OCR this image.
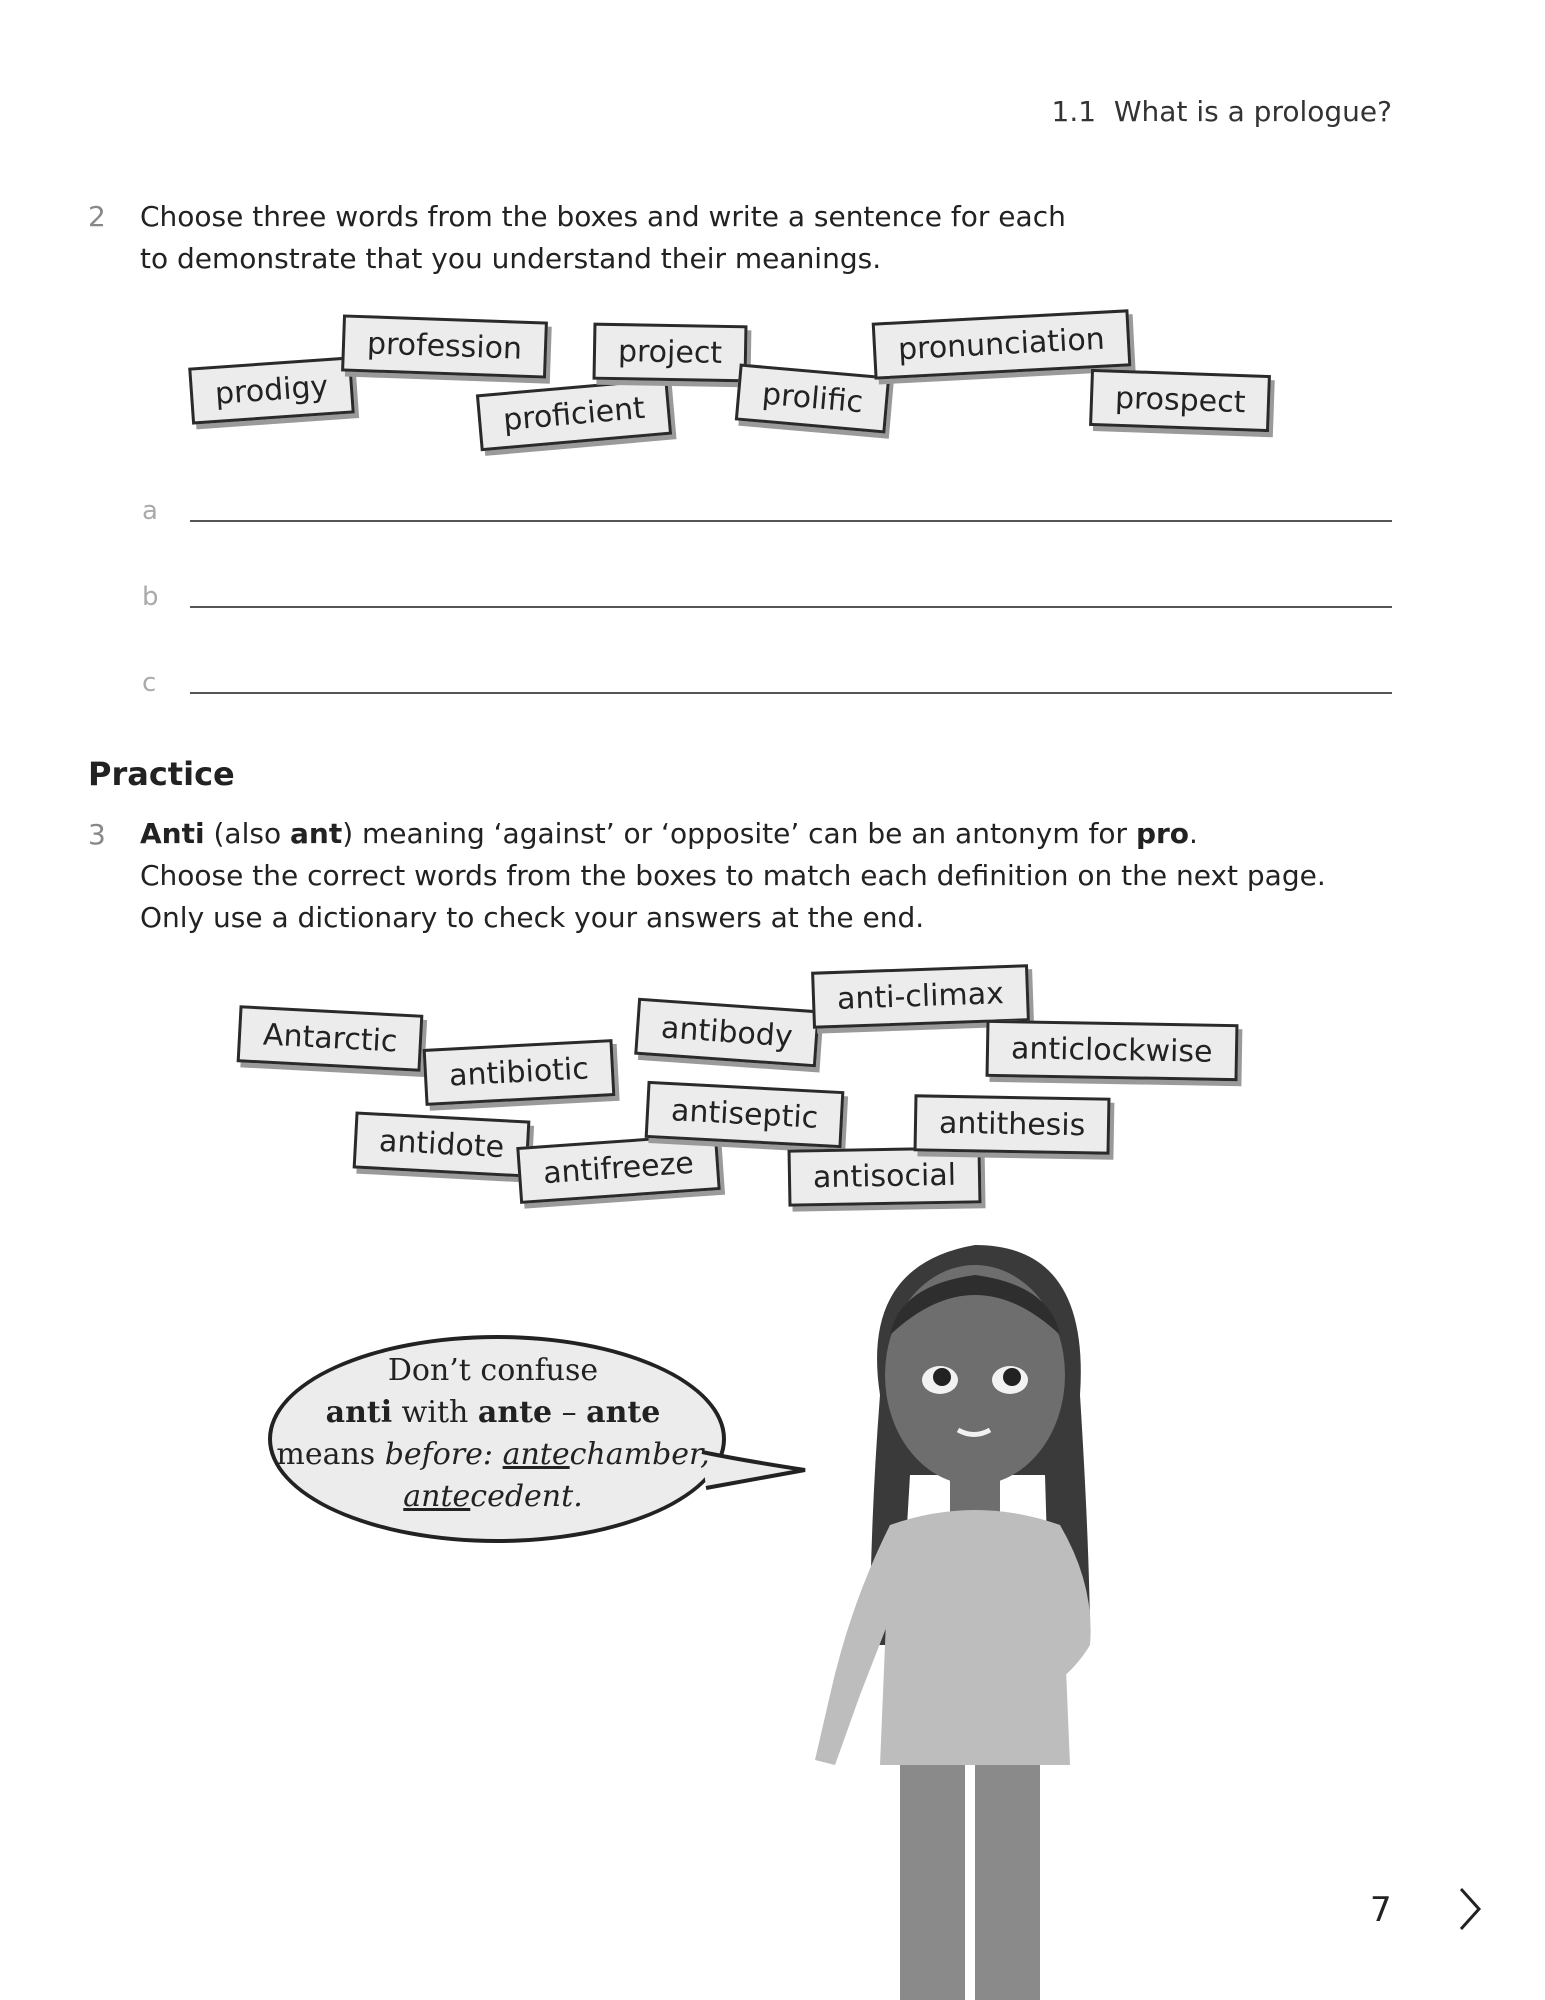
1.1 What is a prologue?
2 Choose three words from the boxes and write a sentence for each
to demonstrate that you understand their meanings.
prodigy
profession
proficient
project
prolific
pronunciation
prospect
a
b
c
Practice
3 Anti (also ant) meaning ‘against’ or ‘opposite’ can be an antonym for pro.
Choose the correct words from the boxes to match each definition on the next page.
Only use a dictionary to check your answers at the end.
Antarctic
antibiotic
antibody
anti-climax
anticlockwise
antidote
antifreeze
antiseptic
antisocial
antithesis
Don’t confuse
anti with ante – ante
means before: antechamber,
antecedent.
7
